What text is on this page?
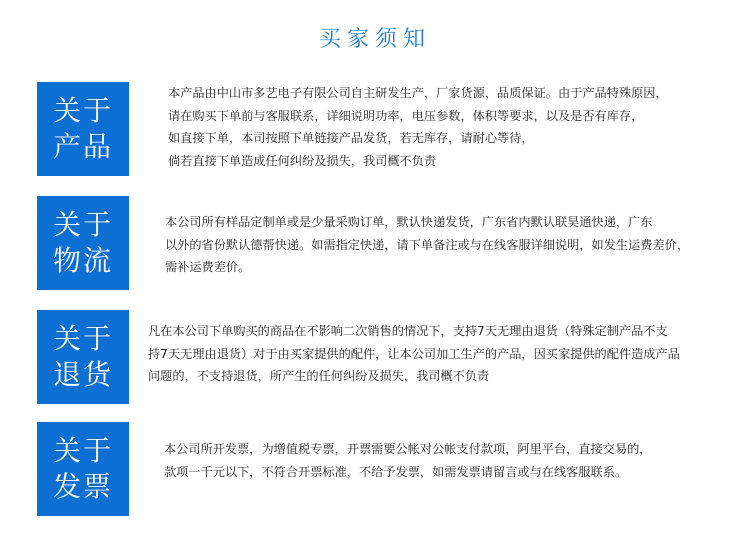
买家须知
关于
产品
本产品由中山市多艺电子有限公司自主研发生产，厂家货源，品质保证。由于产品特殊原因，
请在购买下单前与客服联系，详细说明功率，电压参数，体积等要求，以及是否有库存，
如直接下单，本司按照下单链接产品发货，若无库存，请耐心等待，
倘若直接下单造成任何纠纷及损失，我司概不负责
关于
物流
本公司所有样品定制单或是少量采购订单，默认快递发货，广东省内默认联昊通快递，广东
以外的省份默认德帮快递。如需指定快递，请下单备注或与在线客服详细说明，如发生运费差价，
需补运费差价。
关于
退货
凡在本公司下单购买的商品在不影响二次销售的情况下，支持7天无理由退货（特殊定制产品不支
持7天无理由退货）对于由买家提供的配件，让本公司加工生产的产品，因买家提供的配件造成产品
问题的，不支持退货，所产生的任何纠纷及损失，我司概不负责
关于
发票
本公司所开发票，为增值税专票，开票需要公帐对公帐支付款项，阿里平台，直接交易的，
款项一千元以下，不符合开票标准，不给予发票，如需发票请留言或与在线客服联系。
